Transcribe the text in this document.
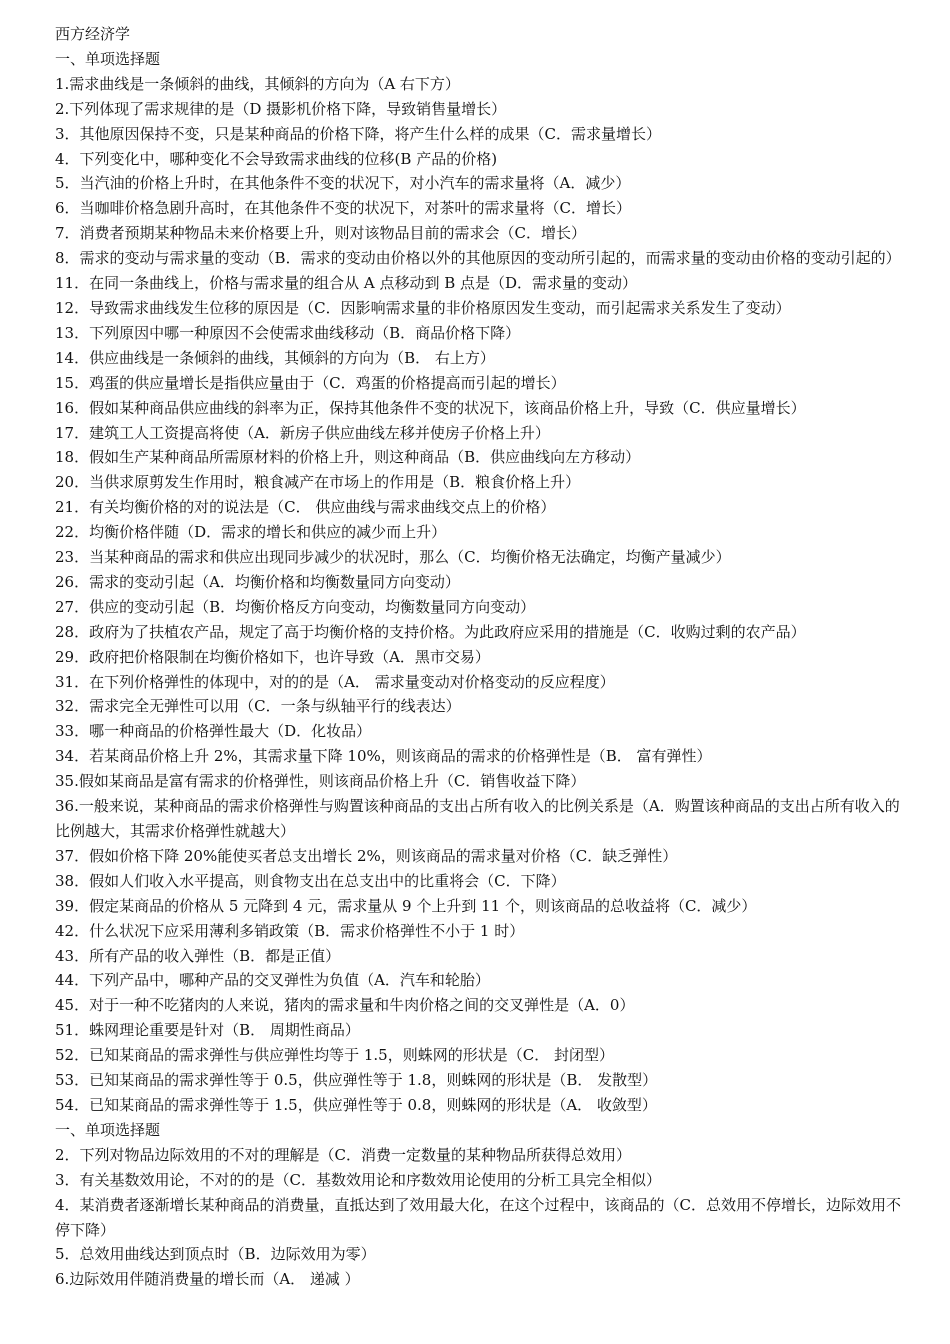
西方经济学
一、单项选择题
1.需求曲线是一条倾斜的曲线，其倾斜的方向为（A 右下方）
2.下列体现了需求规律的是（D 摄影机价格下降，导致销售量增长）
3．其他原因保持不变，只是某种商品的价格下降，将产生什么样的成果（C．需求量增长）
4．下列变化中，哪种变化不会导致需求曲线的位移(B 产品的价格)
5．当汽油的价格上升时，在其他条件不变的状况下，对小汽车的需求量将（A．减少）
6．当咖啡价格急剧升高时，在其他条件不变的状况下，对茶叶的需求量将（C．增长）
7．消费者预期某种物品未来价格要上升，则对该物品目前的需求会（C．增长）
8．需求的变动与需求量的变动（B．需求的变动由价格以外的其他原因的变动所引起的，而需求量的变动由价格的变动引起的）
11．在同一条曲线上，价格与需求量的组合从 A 点移动到 B 点是（D．需求量的变动）
12．导致需求曲线发生位移的原因是（C．因影响需求量的非价格原因发生变动，而引起需求关系发生了变动）
13．下列原因中哪一种原因不会使需求曲线移动（B．商品价格下降）
14．供应曲线是一条倾斜的曲线，其倾斜的方向为（B． 右上方）
15．鸡蛋的供应量增长是指供应量由于（C．鸡蛋的价格提高而引起的增长）
16．假如某种商品供应曲线的斜率为正，保持其他条件不变的状况下，该商品价格上升，导致（C．供应量增长）
17．建筑工人工资提高将使（A．新房子供应曲线左移并使房子价格上升）
18．假如生产某种商品所需原材料的价格上升，则这种商品（B．供应曲线向左方移动）
20．当供求原剪发生作用时，粮食减产在市场上的作用是（B．粮食价格上升）
21．有关均衡价格的对的说法是（C． 供应曲线与需求曲线交点上的价格）
22．均衡价格伴随（D．需求的增长和供应的减少而上升）
23．当某种商品的需求和供应出现同步减少的状况时，那么（C．均衡价格无法确定，均衡产量减少）
26．需求的变动引起（A．均衡价格和均衡数量同方向变动）
27．供应的变动引起（B．均衡价格反方向变动，均衡数量同方向变动）
28．政府为了扶植农产品，规定了高于均衡价格的支持价格。为此政府应采用的措施是（C．收购过剩的农产品）
29．政府把价格限制在均衡价格如下，也许导致（A．黑市交易）
31．在下列价格弹性的体现中，对的的是（A． 需求量变动对价格变动的反应程度）
32．需求完全无弹性可以用（C．一条与纵轴平行的线表达）
33．哪一种商品的价格弹性最大（D．化妆品）
34．若某商品价格上升 2%，其需求量下降 10%，则该商品的需求的价格弹性是（B． 富有弹性）
35.假如某商品是富有需求的价格弹性，则该商品价格上升（C．销售收益下降）
36.一般来说，某种商品的需求价格弹性与购置该种商品的支出占所有收入的比例关系是（A．购置该种商品的支出占所有收入的比例越大，其需求价格弹性就越大）
37．假如价格下降 20%能使买者总支出增长 2%，则该商品的需求量对价格（C．缺乏弹性）
38．假如人们收入水平提高，则食物支出在总支出中的比重将会（C．下降）
39．假定某商品的价格从 5 元降到 4 元，需求量从 9 个上升到 11 个，则该商品的总收益将（C．减少）
42．什么状况下应采用薄利多销政策（B．需求价格弹性不小于 1 时）
43．所有产品的收入弹性（B．都是正值）
44．下列产品中，哪种产品的交叉弹性为负值（A．汽车和轮胎）
45．对于一种不吃猪肉的人来说，猪肉的需求量和牛肉价格之间的交叉弹性是（A．0）
51．蛛网理论重要是针对（B． 周期性商品）
52．已知某商品的需求弹性与供应弹性均等于 1.5，则蛛网的形状是（C． 封闭型）
53．已知某商品的需求弹性等于 0.5，供应弹性等于 1.8，则蛛网的形状是（B． 发散型）
54．已知某商品的需求弹性等于 1.5，供应弹性等于 0.8，则蛛网的形状是（A． 收敛型）
一、单项选择题
2．下列对物品边际效用的不对的理解是（C．消费一定数量的某种物品所获得总效用）
3．有关基数效用论，不对的的是（C．基数效用论和序数效用论使用的分析工具完全相似）
4．某消费者逐渐增长某种商品的消费量，直抵达到了效用最大化，在这个过程中，该商品的（C．总效用不停增长，边际效用不停下降）
5．总效用曲线达到顶点时（B．边际效用为零）
6.边际效用伴随消费量的增长而（A． 递减 ）
